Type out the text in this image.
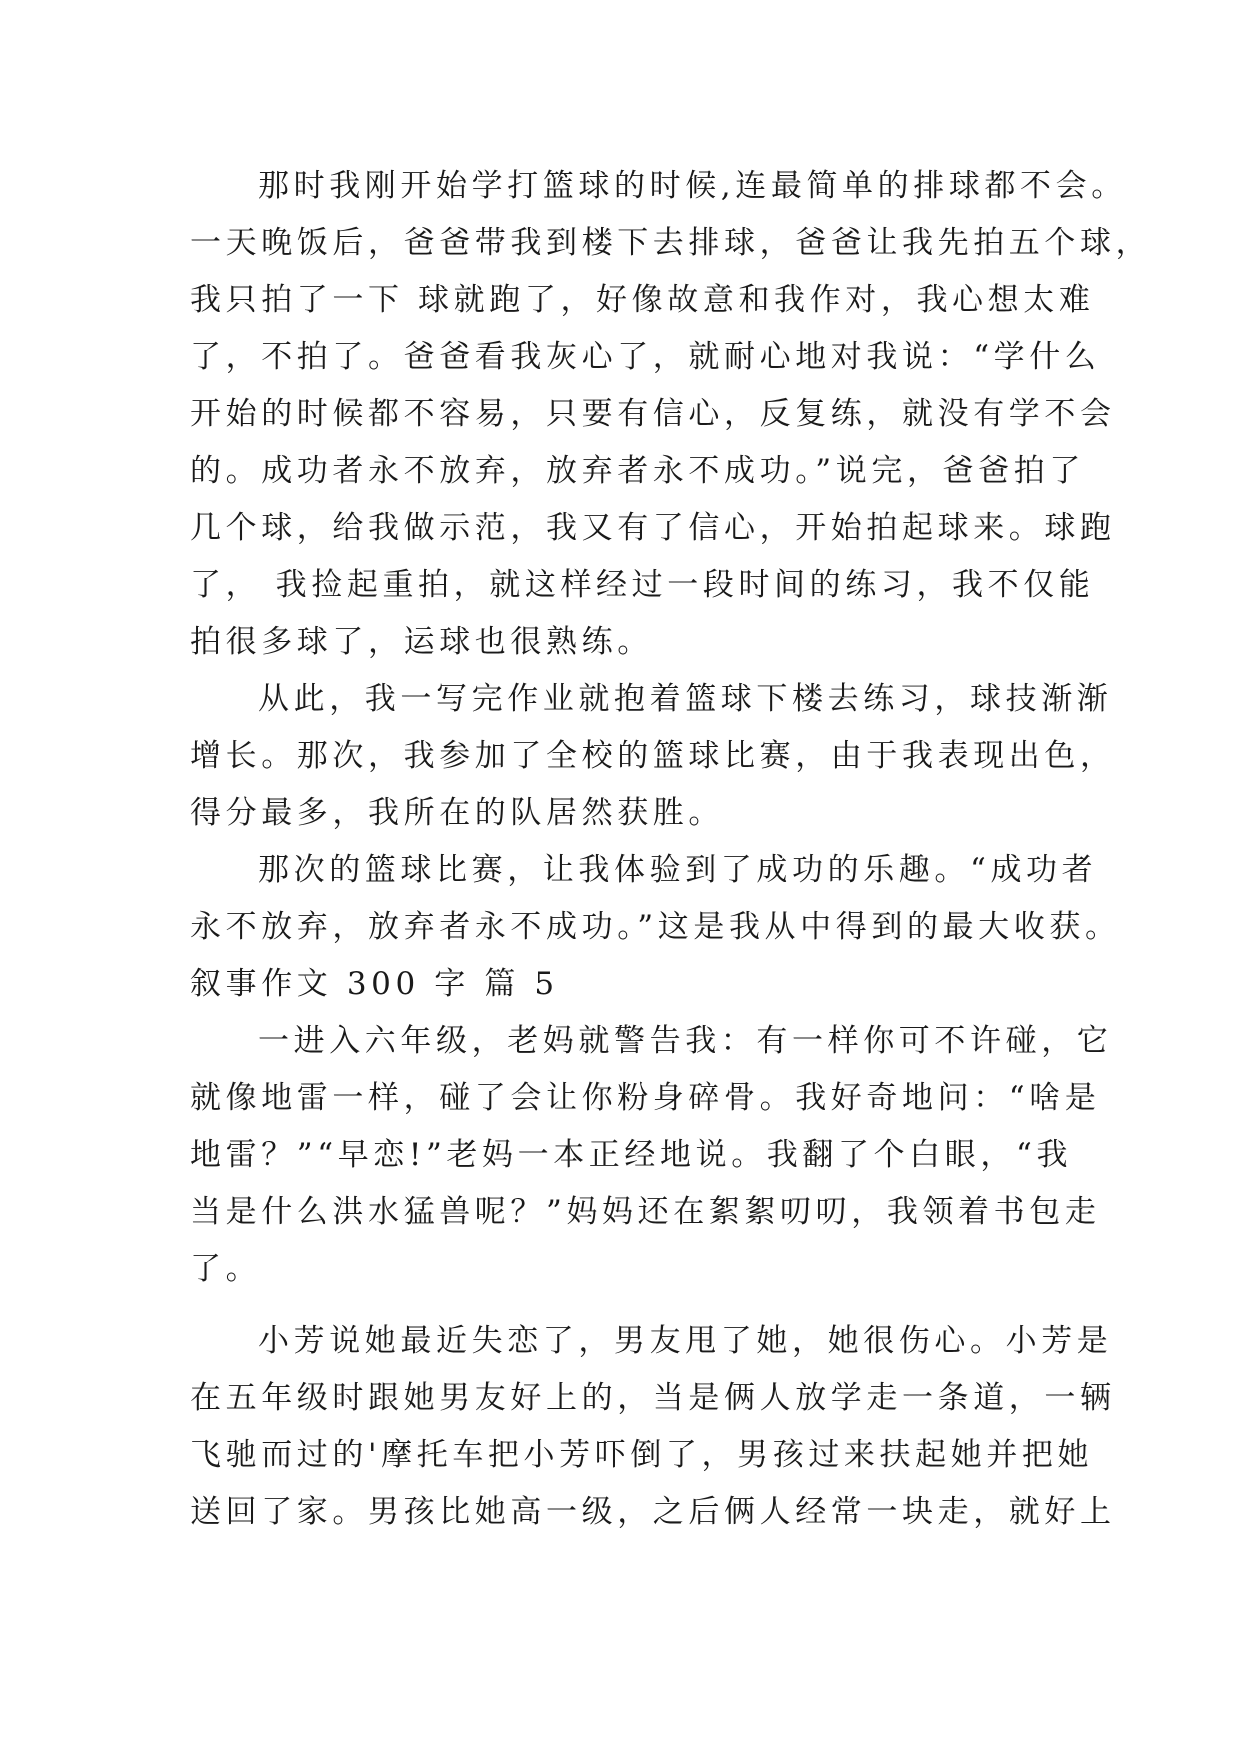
那时我刚开始学打篮球的时候,连最简单的排球都不会。
一天晚饭后，爸爸带我到楼下去排球，爸爸让我先拍五个球，
我只拍了一下 球就跑了，好像故意和我作对，我心想太难
了，不拍了。爸爸看我灰心了，就耐心地对我说：“学什么
开始的时候都不容易，只要有信心，反复练，就没有学不会
的。成功者永不放弃，放弃者永不成功。”说完，爸爸拍了
几个球，给我做示范，我又有了信心，开始拍起球来。球跑
了， 我捡起重拍，就这样经过一段时间的练习，我不仅能
拍很多球了，运球也很熟练。
从此，我一写完作业就抱着篮球下楼去练习，球技渐渐
增长。那次，我参加了全校的篮球比赛，由于我表现出色，
得分最多，我所在的队居然获胜。
那次的篮球比赛，让我体验到了成功的乐趣。“成功者
永不放弃，放弃者永不成功。”这是我从中得到的最大收获。
叙事作文 300 字 篇 5
一进入六年级，老妈就警告我：有一样你可不许碰，它
就像地雷一样，碰了会让你粉身碎骨。我好奇地问：“啥是
地雷？”“早恋!”老妈一本正经地说。我翻了个白眼，“我
当是什么洪水猛兽呢？”妈妈还在絮絮叨叨，我领着书包走
了。
小芳说她最近失恋了，男友甩了她，她很伤心。小芳是
在五年级时跟她男友好上的，当是俩人放学走一条道，一辆
飞驰而过的'摩托车把小芳吓倒了，男孩过来扶起她并把她
送回了家。男孩比她高一级，之后俩人经常一块走，就好上
